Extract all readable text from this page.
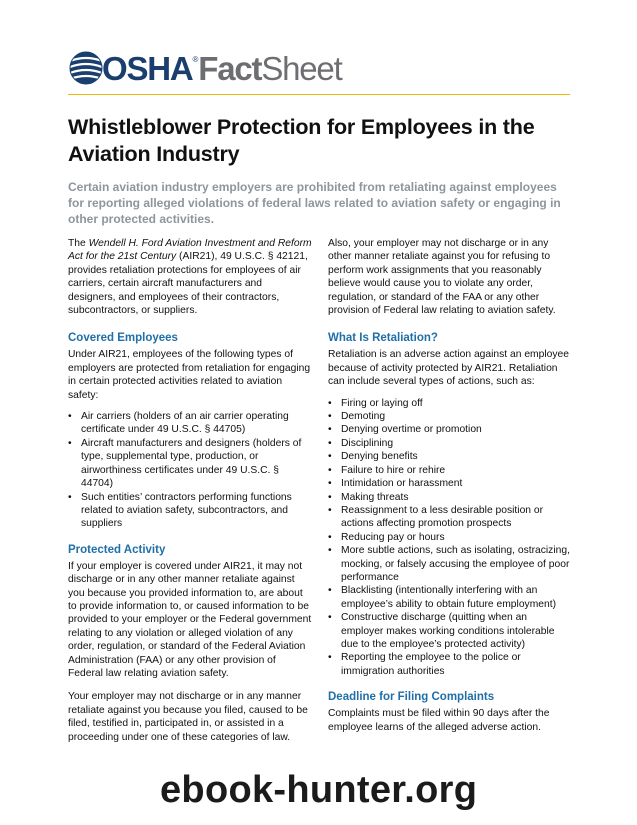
OSHA ® Fact Sheet
Whistleblower Protection for Employees in the Aviation Industry

Certain aviation industry employers are prohibited from retaliating against employees for reporting alleged violations of federal laws related to aviation safety or engaging in other protected activities.

The Wendell H. Ford Aviation Investment and Reform Act for the 21st Century (AIR21), 49 U.S.C. § 42121, provides retaliation protections for employees of air carriers, certain aircraft manufacturers and designers, and employees of their contractors, subcontractors, or suppliers.

Covered Employees

Under AIR21, employees of the following types of employers are protected from retaliation for engaging in certain protected activities related to aviation safety:

• Air carriers (holders of an air carrier operating certificate under 49 U.S.C. § 44705)
• Aircraft manufacturers and designers (holders of type, supplemental type, production, or airworthiness certificates under 49 U.S.C. § 44704)
• Such entities’ contractors performing functions related to aviation safety, subcontractors, and suppliers
Protected Activity

If your employer is covered under AIR21, it may not discharge or in any other manner retaliate against you because you provided information to, are about to provide information to, or caused information to be provided to your employer or the Federal government relating to any violation or alleged violation of any order, regulation, or standard of the Federal Aviation Administration (FAA) or any other provision of Federal law relating aviation safety.

Your employer may not discharge or in any manner retaliate against you because you filed, caused to be filed, testified in, participated in, or assisted in a proceeding under one of these categories of law.

Also, your employer may not discharge or in any other manner retaliate against you for refusing to perform work assignments that you reasonably believe would cause you to violate any order, regulation, or standard of the FAA or any other provision of Federal law relating to aviation safety.

What Is Retaliation?

Retaliation is an adverse action against an employee because of activity protected by AIR21. Retaliation can include several types of actions, such as:

• Firing or laying off
• Demoting
• Denying overtime or promotion
• Disciplining
• Denying benefits
• Failure to hire or rehire
• Intimidation or harassment
• Making threats
• Reassignment to a less desirable position or actions affecting promotion prospects
• Reducing pay or hours
• More subtle actions, such as isolating, ostracizing, mocking, or falsely accusing the employee of poor performance
• Blacklisting (intentionally interfering with an employee’s ability to obtain future employment)
• Constructive discharge (quitting when an employer makes working conditions intolerable due to the employee’s protected activity)
• Reporting the employee to the police or immigration authorities
Deadline for Filing Complaints

Complaints must be filed within 90 days after the employee learns of the alleged adverse action.

ebook-hunter.org
